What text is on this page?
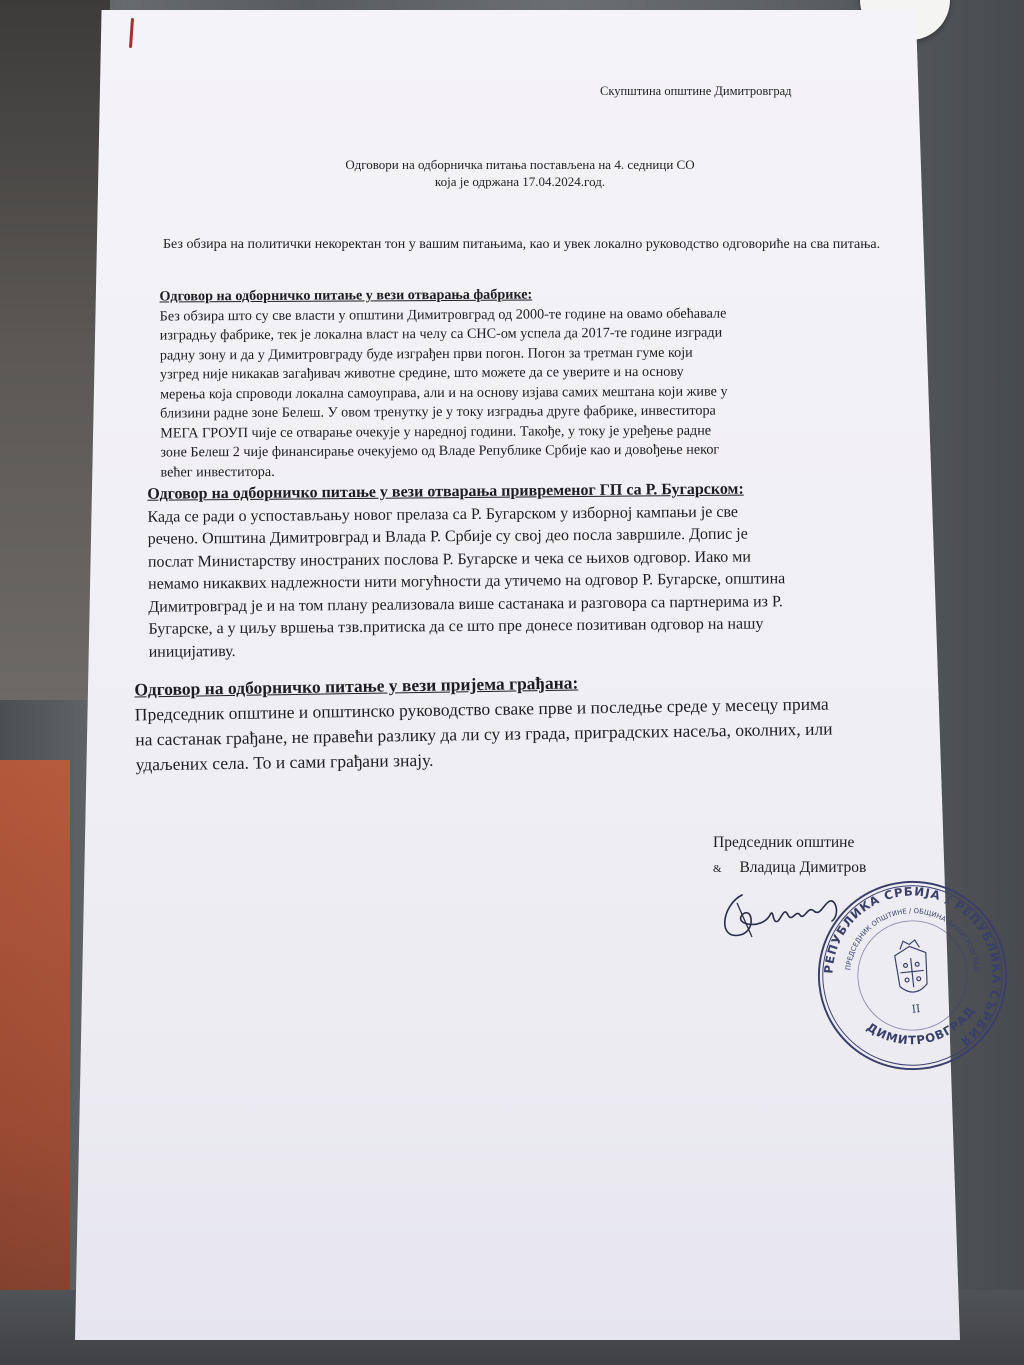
Скупштина општине Димитровград
Одговори на одборничка питања постављена на 4. седници СО
која је одржана 17.04.2024.год.
Без обзира на политички некоректан тон у вашим питањима, као и увек локално руководство одговориће на сва питања.
Одговор на одборничко питање у вези отварања фабрике:

Без обзира што су све власти у општини Димитровград од 2000-те године на овамо обећавале

изградњу фабрике, тек је локална власт на челу са СНС-ом успела да 2017-те године изгради

радну зону и да у Димитровграду буде изграђен први погон. Погон за третман гуме који

узгред није никакав загађивач животне средине, што можете да се уверите и на основу

мерења која спроводи локална самоуправа, али и на основу изјава самих мештана који живе у

близини радне зоне Белеш. У овом тренутку је у току изградња друге фабрике, инвеститора

МЕГА ГРОУП чије се отварање очекује у наредној години. Такође, у току је уређење радне

зоне Белеш 2 чије финансирање очекујемо од Владе Републике Србије као и довођење неког

већег инвеститора.

Одговор на одборничко питање у вези отварања привременог ГП са Р. Бугарском:

Када се ради о успостављању новог прелаза са Р. Бугарском у изборној кампањи је све

речено. Општина Димитровград и Влада Р. Србије су свој део посла завршиле. Допис је

послат Министарству иностраних послова Р. Бугарске и чека се њихов одговор. Иако ми

немамо никаквих надлежности нити могућности да утичемо на одговор Р. Бугарске, општина

Димитровград је и на том плану реализовала више састанака и разговора са партнерима из Р.

Бугарске, а у циљу вршења тзв.притиска да се што пре донесе позитиван одговор на нашу

иницијативу.

Одговор на одборничко питање у вези пријема грађана:

Председник општине и општинско руководство сваке прве и последње среде у месецу прима

на састанак грађане, не правећи разлику да ли су из града, приградских насеља, околних, или

удаљених села. То и сами грађани знају.

Председник општине
& Владица Димитров
РЕПУБЛИКА СРБИЈА / РЕПУБЛИКА СЪРБИЯ
ПРЕДСЕДНИК ОПШТИНЕ / ОБЩИНА ДИМИТРОВГРАД
ДИМИТРОВГРАД
II
